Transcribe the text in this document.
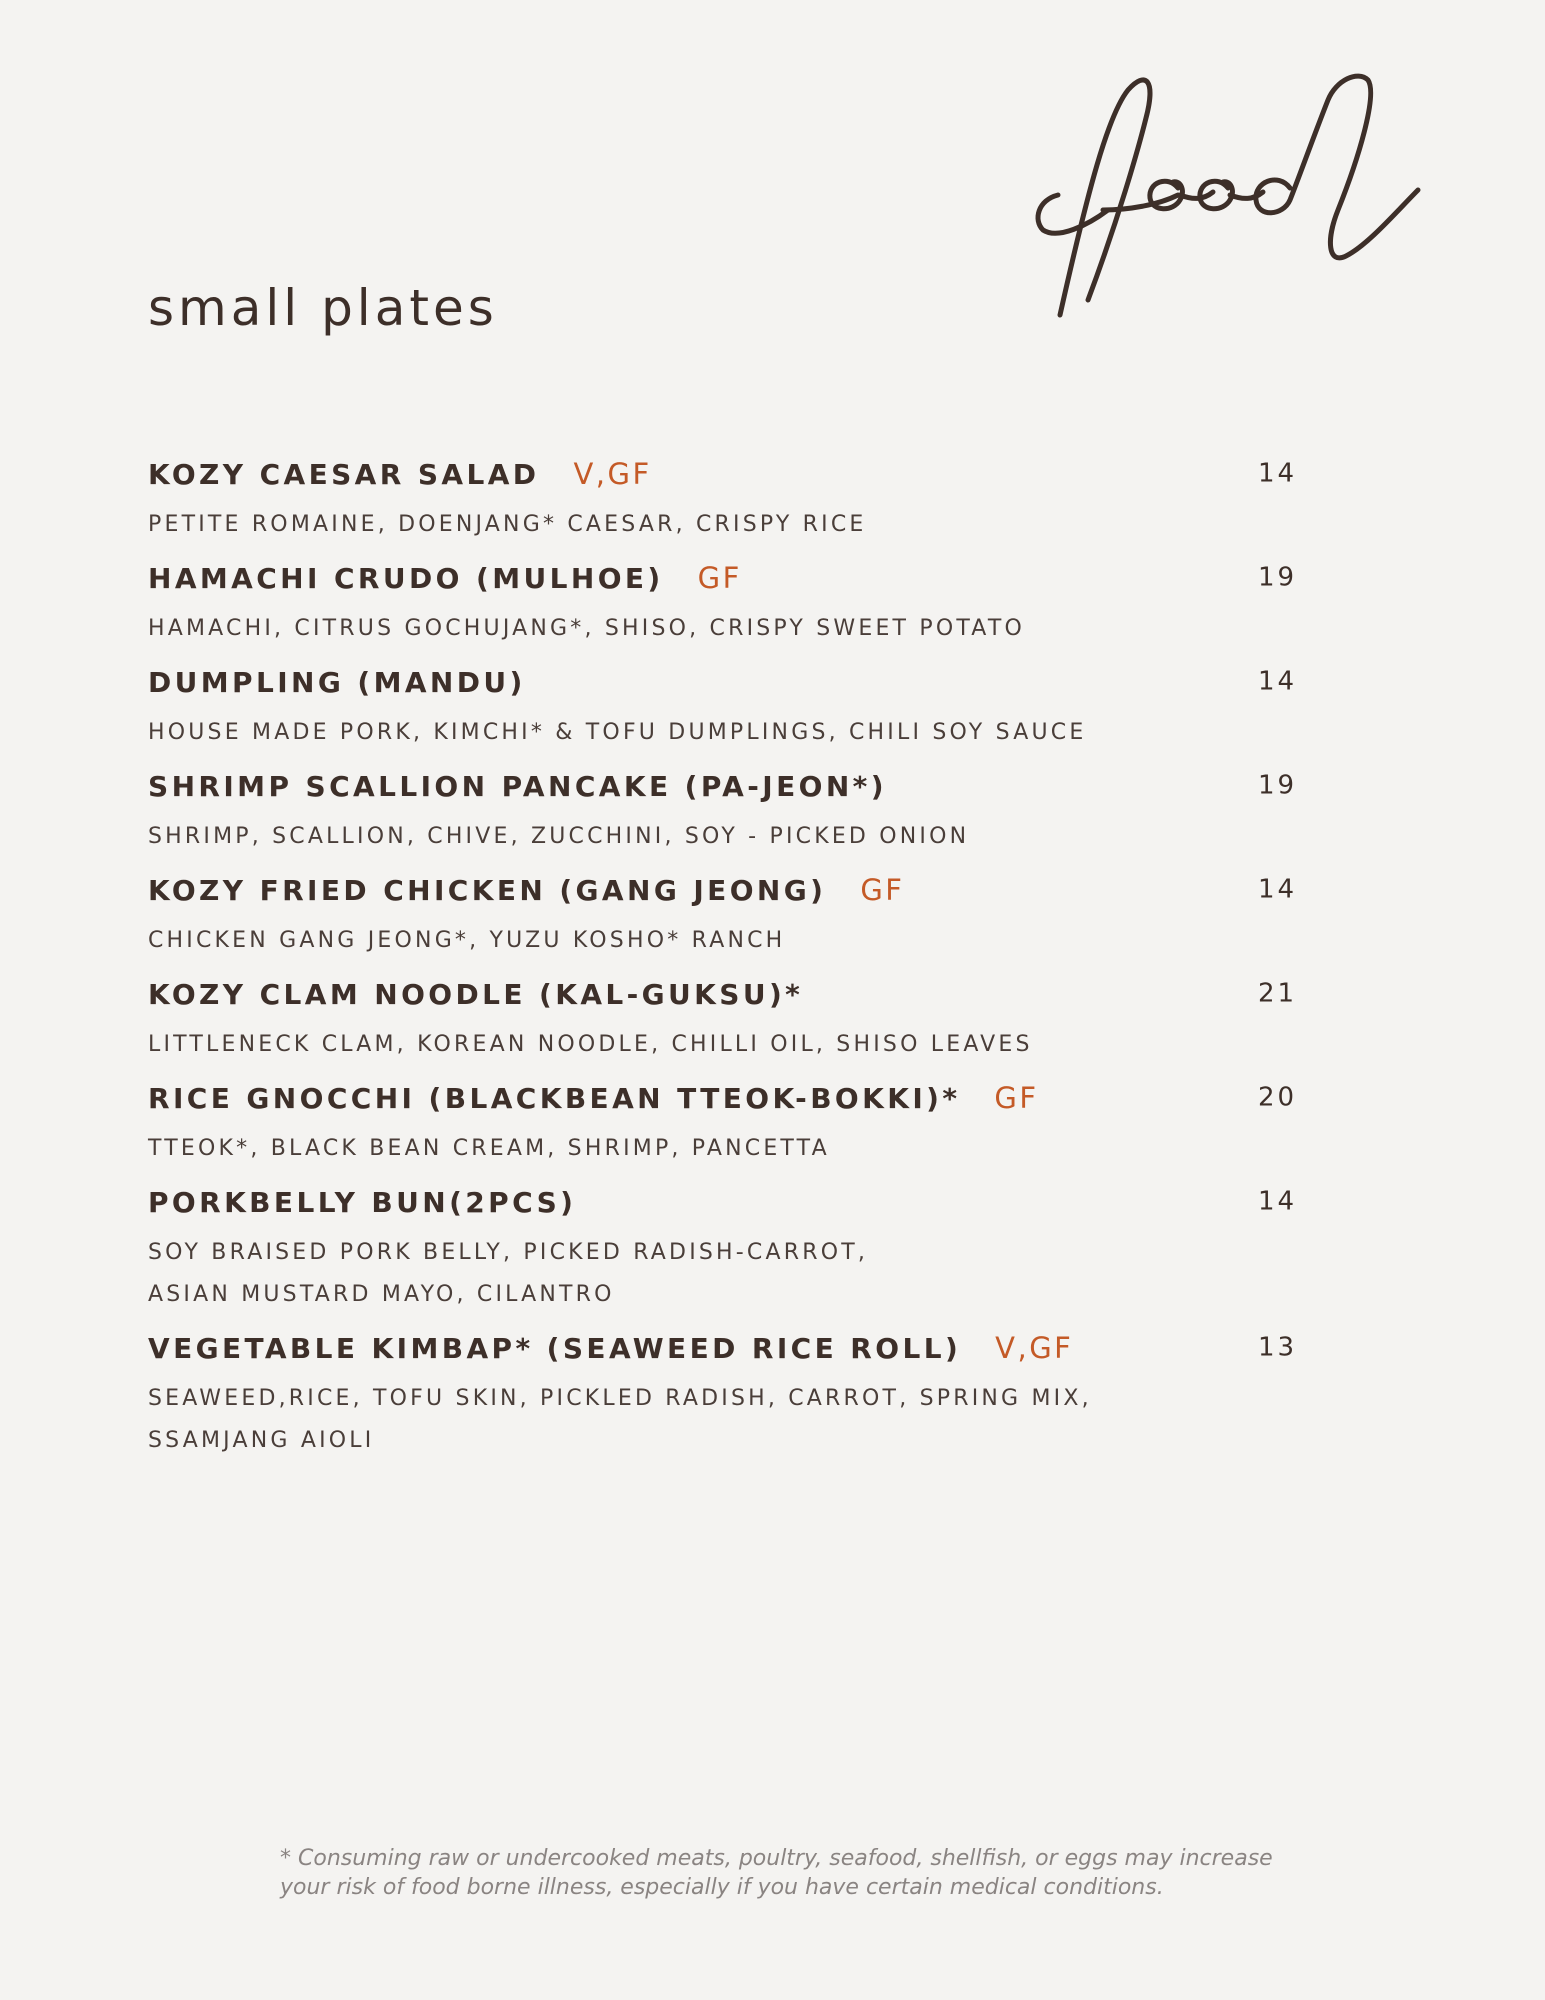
small plates
KOZY CAESAR SALAD V,GF	14
PETITE ROMAINE, DOENJANG* CAESAR, CRISPY RICE
HAMACHI CRUDO (MULHOE) GF	19
HAMACHI, CITRUS GOCHUJANG*, SHISO, CRISPY SWEET POTATO
DUMPLING (MANDU)	14
HOUSE MADE PORK, KIMCHI* & TOFU DUMPLINGS, CHILI SOY SAUCE
SHRIMP SCALLION PANCAKE (PA-JEON*)	19
SHRIMP, SCALLION, CHIVE, ZUCCHINI, SOY - PICKED ONION
KOZY FRIED CHICKEN (GANG JEONG) GF	14
CHICKEN GANG JEONG*, YUZU KOSHO* RANCH
KOZY CLAM NOODLE (KAL-GUKSU)*	21
LITTLENECK CLAM, KOREAN NOODLE, CHILLI OIL, SHISO LEAVES
RICE GNOCCHI (BLACKBEAN TTEOK-BOKKI)* GF	20
TTEOK*, BLACK BEAN CREAM, SHRIMP, PANCETTA
PORKBELLY BUN(2PCS)	14
SOY BRAISED PORK BELLY, PICKED RADISH-CARROT,
ASIAN MUSTARD MAYO, CILANTRO
VEGETABLE KIMBAP* (SEAWEED RICE ROLL) V,GF	13
SEAWEED,RICE, TOFU SKIN, PICKLED RADISH, CARROT, SPRING MIX,
SSAMJANG AIOLI
* Consuming raw or undercooked meats, poultry, seafood, shellfish, or eggs may increase
your risk of food borne illness, especially if you have certain medical conditions.
